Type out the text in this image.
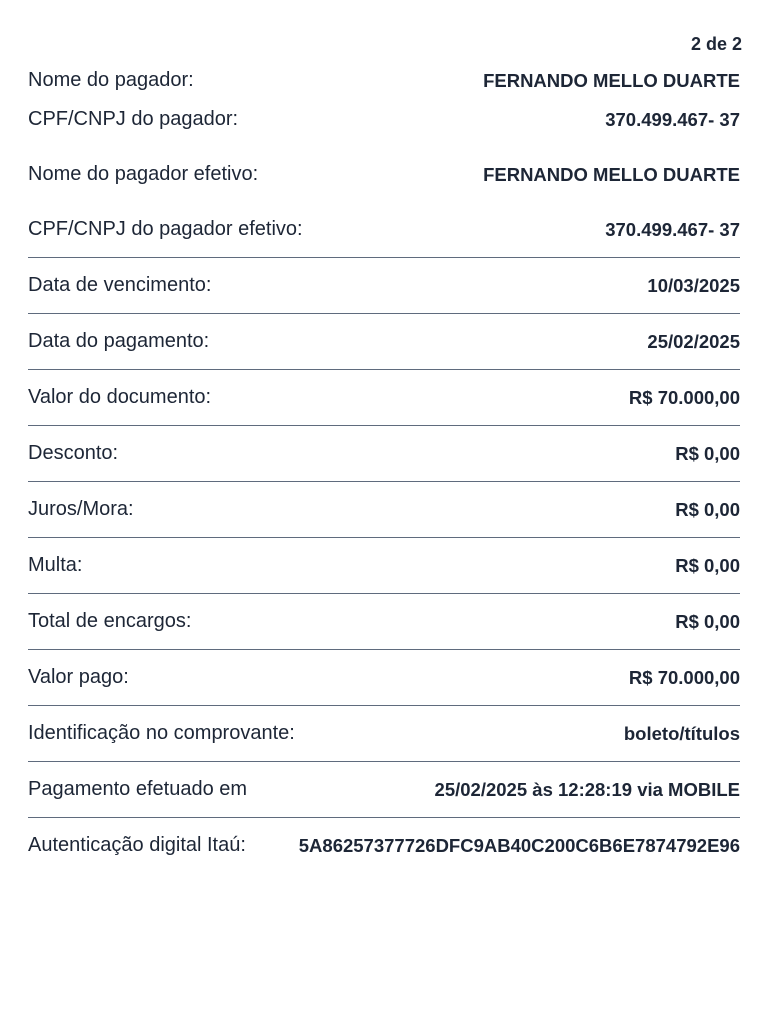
2 de 2
Nome do pagador:	FERNANDO MELLO DUARTE
CPF/CNPJ do pagador:	370.499.467- 37
Nome do pagador efetivo:	FERNANDO MELLO DUARTE
CPF/CNPJ do pagador efetivo:	370.499.467- 37
Data de vencimento:	10/03/2025
Data do pagamento:	25/02/2025
Valor do documento:	R$ 70.000,00
Desconto:	R$ 0,00
Juros/Mora:	R$ 0,00
Multa:	R$ 0,00
Total de encargos:	R$ 0,00
Valor pago:	R$ 70.000,00
Identificação no comprovante:	boleto/títulos
Pagamento efetuado em	25/02/2025 às 12:28:19 via MOBILE
Autenticação digital Itaú:	5A86257377726DFC9AB40C200C6B6E7874792E96
